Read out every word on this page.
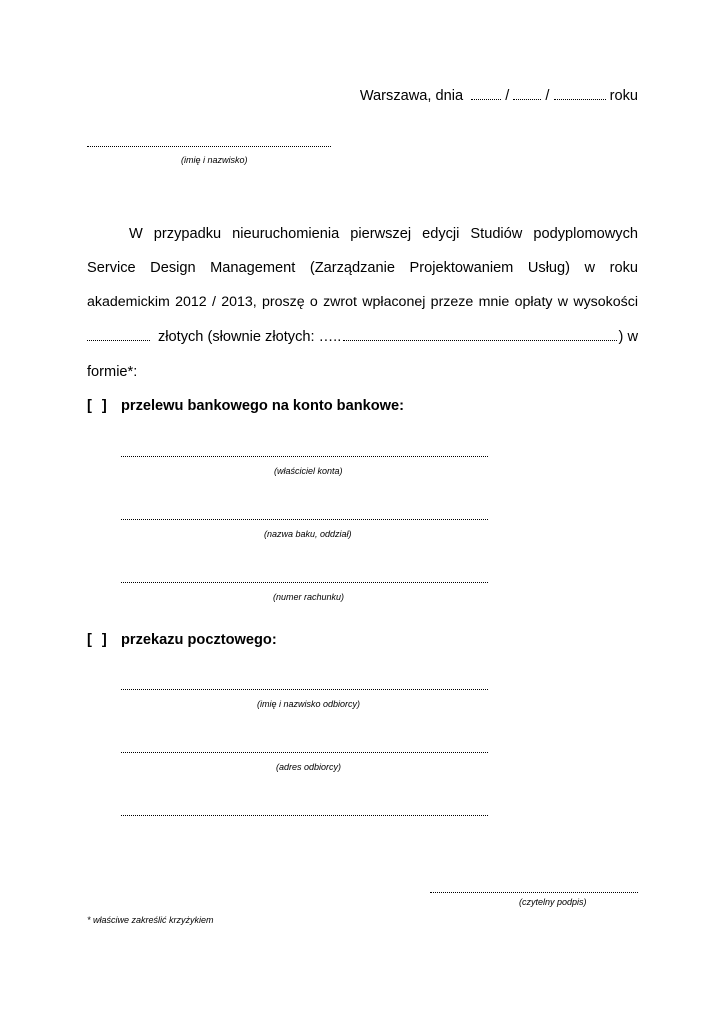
Warszawa, dnia	/ /	roku
(imię i nazwisko)
W przypadku nieuruchomienia pierwszej edycji Studiów podyplomowych
Service Design Management (Zarządzanie Projektowaniem Usług) w roku
akademickim 2012 / 2013, proszę o zwrot wpłaconej przeze mnie opłaty w wysokości
złotych (słownie złotych: …..	) w
formie*:
[ ] przelewu bankowego na konto bankowe:
(właściciel konta)
(nazwa baku, oddział)
(numer rachunku)
[ ] przekazu pocztowego:
(imię i nazwisko odbiorcy)
(adres odbiorcy)
(czytelny podpis)
* właściwe zakreślić krzyżykiem
